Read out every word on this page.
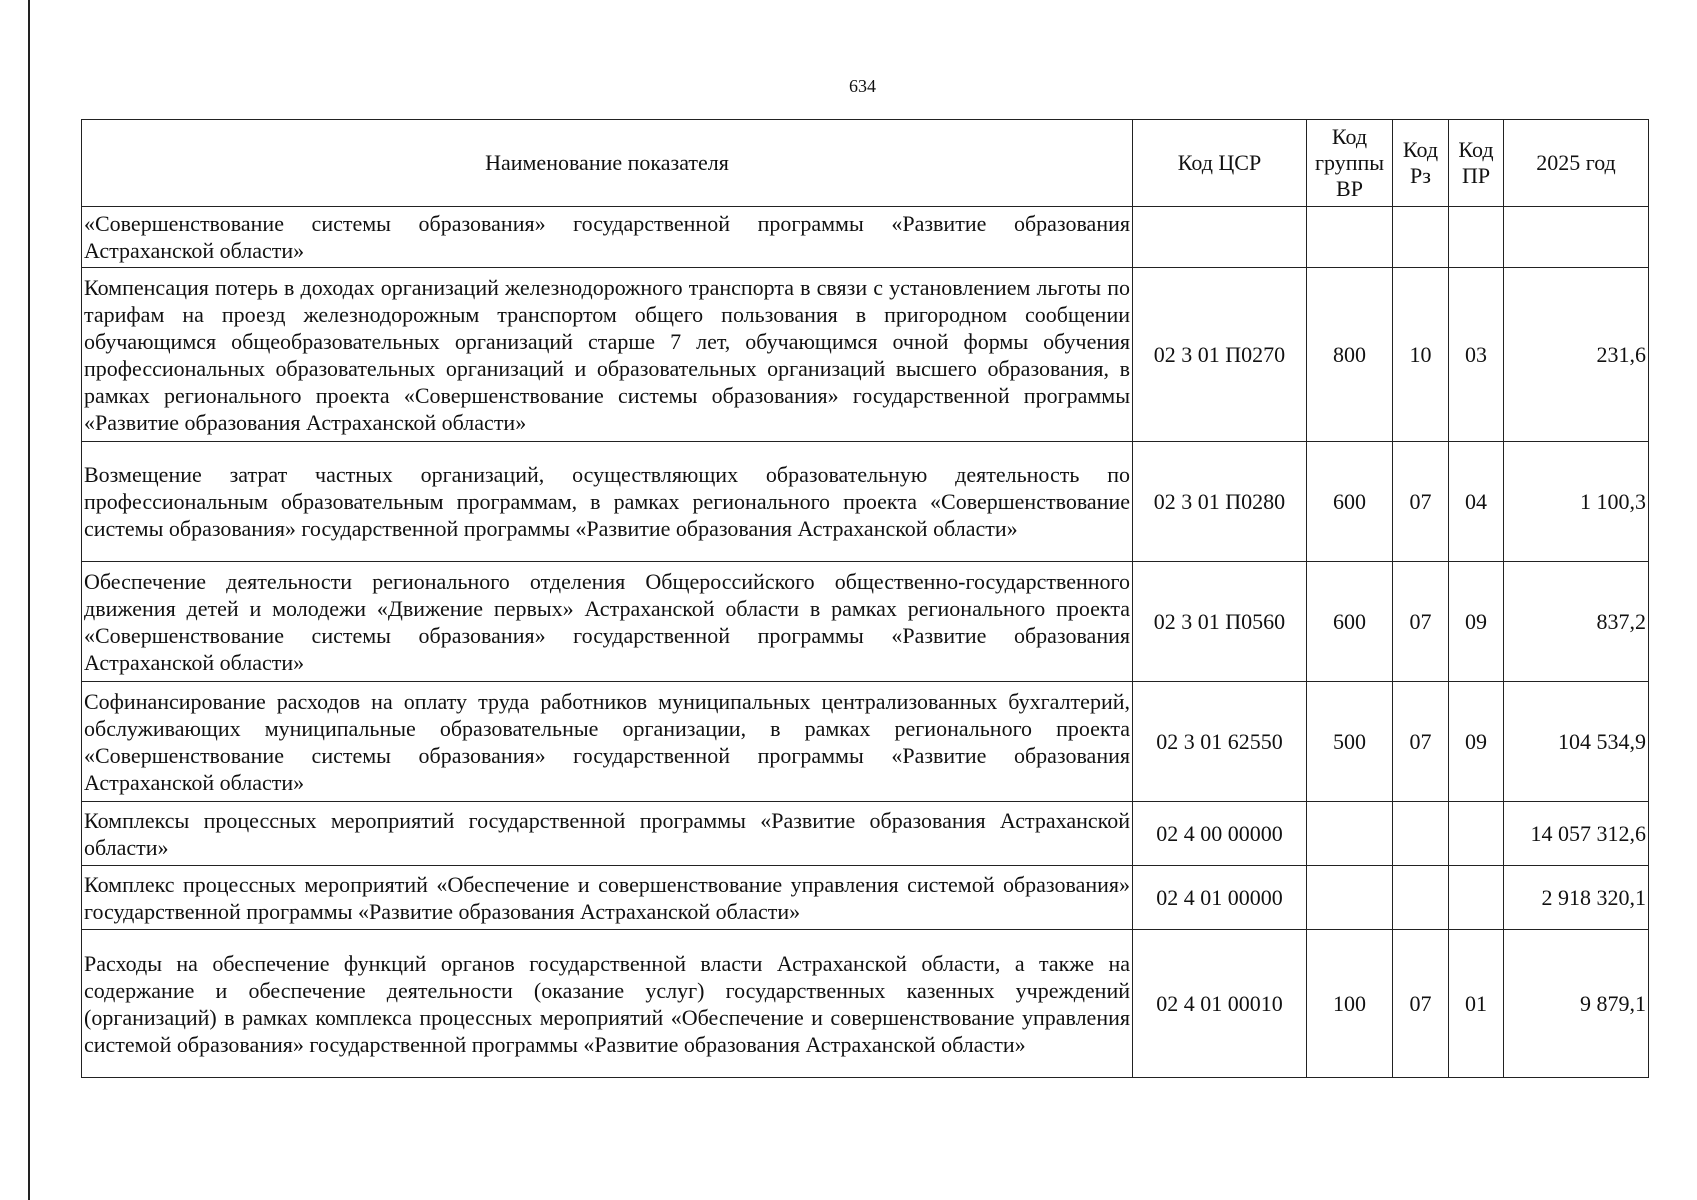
634
Наименование показателя	Код ЦСР	Код группы ВР	Код Рз	Код ПР	2025 год
«Совершенствование системы образования» государственной программы «Развитие образования Астраханской области»					
Компенсация потерь в доходах организаций железнодорожного транспорта в связи с установлением льготы по тарифам на проезд железнодорожным транспортом общего пользования в пригородном сообщении обучающимся общеобразовательных организаций старше 7 лет, обучающимся очной формы обучения профессиональных образовательных организаций и образовательных организаций высшего образования, в рамках регионального проекта «Совершенствование системы образования» государственной программы «Развитие образования Астраханской области»	02 3 01 П0270	800	10	03	231,6
Возмещение затрат частных организаций, осуществляющих образовательную деятельность по профессиональным образовательным программам, в рамках регионального проекта «Совершенствование системы образования» государственной программы «Развитие образования Астраханской области»	02 3 01 П0280	600	07	04	1 100,3
Обеспечение деятельности регионального отделения Общероссийского общественно-государственного движения детей и молодежи «Движение первых» Астраханской области в рамках регионального проекта «Совершенствование системы образования» государственной программы «Развитие образования Астраханской области»	02 3 01 П0560	600	07	09	837,2
Софинансирование расходов на оплату труда работников муниципальных централизованных бухгалтерий, обслуживающих муниципальные образовательные организации, в рамках регионального проекта «Совершенствование системы образования» государственной программы «Развитие образования Астраханской области»	02 3 01 62550	500	07	09	104 534,9
Комплексы процессных мероприятий государственной программы «Развитие образования Астраханской области»	02 4 00 00000				14 057 312,6
Комплекс процессных мероприятий «Обеспечение и совершенствование управления системой образования» государственной программы «Развитие образования Астраханской области»	02 4 01 00000				2 918 320,1
Расходы на обеспечение функций органов государственной власти Астраханской области, а также на содержание и обеспечение деятельности (оказание услуг) государственных казенных учреждений (организаций) в рамках комплекса процессных мероприятий «Обеспечение и совершенствование управления системой образования» государственной программы «Развитие образования Астраханской области»	02 4 01 00010	100	07	01	9 879,1
